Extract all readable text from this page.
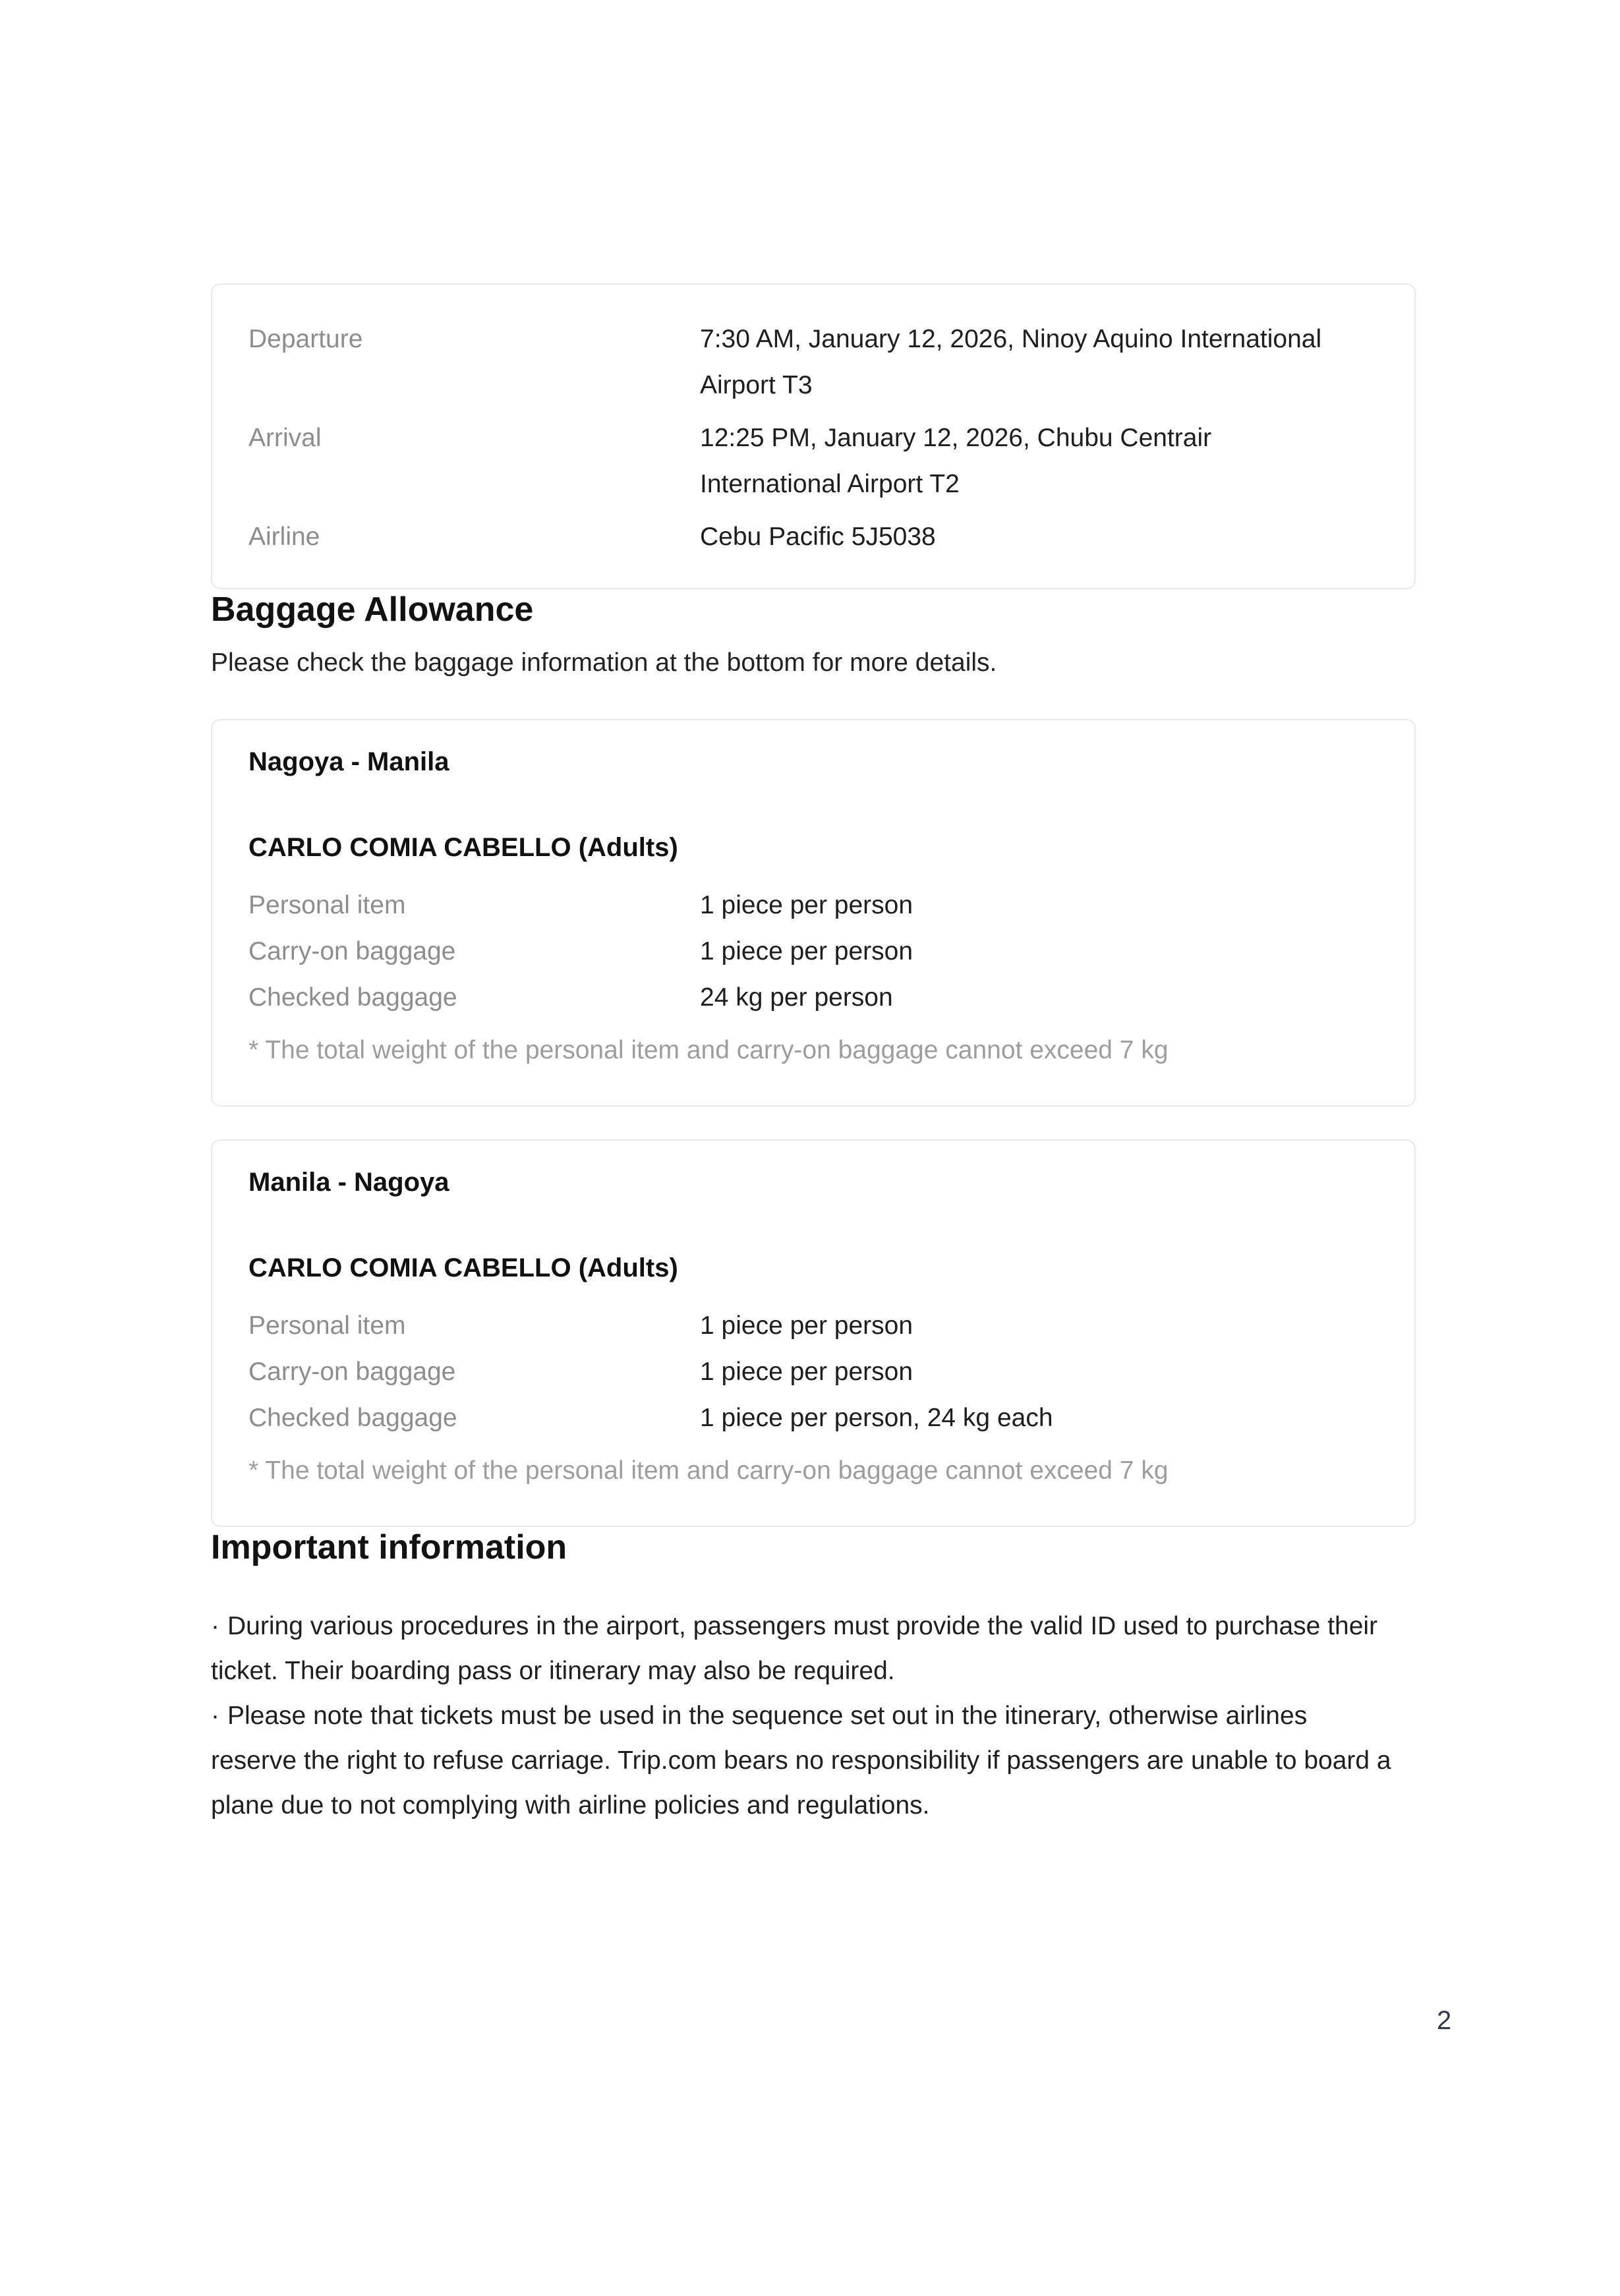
Departure	7:30 AM, January 12, 2026, Ninoy Aquino International Airport T3
Arrival	12:25 PM, January 12, 2026, Chubu Centrair International Airport T2
Airline	Cebu Pacific 5J5038
Baggage Allowance

Please check the baggage information at the bottom for more details.

Nagoya - Manila
CARLO COMIA CABELLO (Adults)
Personal item	1 piece per person
Carry-on baggage	1 piece per person
Checked baggage	24 kg per person

* The total weight of the personal item and carry-on baggage cannot exceed 7 kg

Manila - Nagoya
CARLO COMIA CABELLO (Adults)
Personal item	1 piece per person
Carry-on baggage	1 piece per person
Checked baggage	1 piece per person, 24 kg each

* The total weight of the personal item and carry-on baggage cannot exceed 7 kg

Important information

· During various procedures in the airport, passengers must provide the valid ID used to purchase their ticket. Their boarding pass or itinerary may also be required.

· Please note that tickets must be used in the sequence set out in the itinerary, otherwise airlines reserve the right to refuse carriage. Trip.com bears no responsibility if passengers are unable to board a plane due to not complying with airline policies and regulations.

2
